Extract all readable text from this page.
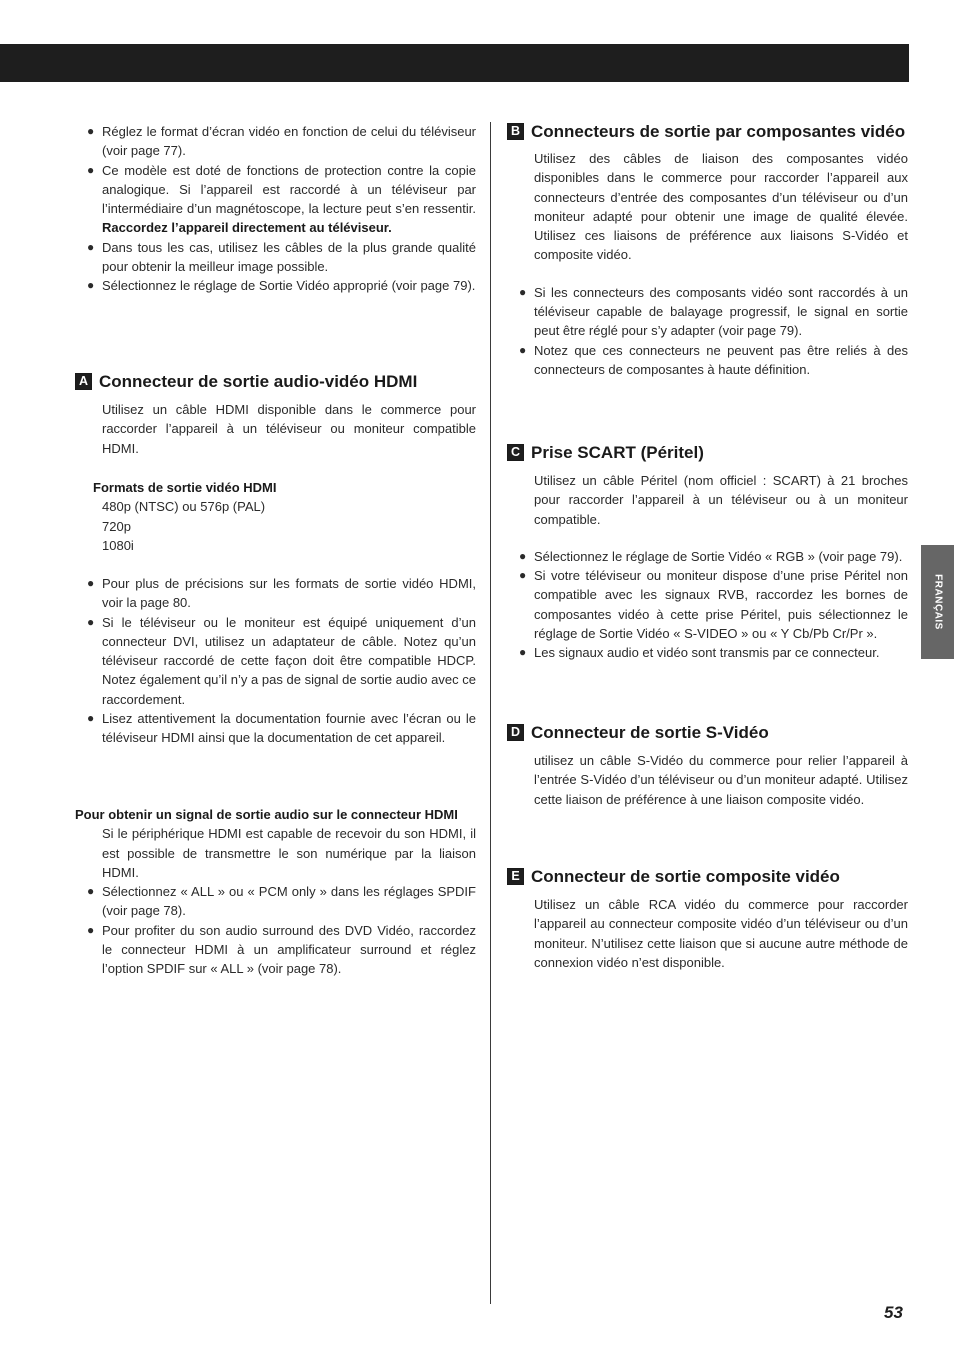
FRANÇAIS
53

● Réglez le format d’écran vidéo en fonction de celui du téléviseur (voir page 77).

● Ce modèle est doté de fonctions de protection contre la copie analogique. Si l’appareil est raccordé à un téléviseur par l’intermédiaire d’un magnétoscope, la lecture peut s’en ressentir. Raccordez l’appareil directement au téléviseur.

● Dans tous les cas, utilisez les câbles de la plus grande qualité pour obtenir la meilleur image possible.

● Sélectionnez le réglage de Sortie Vidéo approprié (voir page 79).

A Connecteur de sortie audio-vidéo HDMI

Utilisez un câble HDMI disponible dans le commerce pour raccorder l’appareil à un téléviseur ou moniteur compatible HDMI.

Formats de sortie vidéo HDMI

480p (NTSC) ou 576p (PAL)

720p

1080i

● Pour plus de précisions sur les formats de sortie vidéo HDMI, voir la page 80.

● Si le téléviseur ou le moniteur est équipé uniquement d’un connecteur DVI, utilisez un adaptateur de câble. Notez qu’un téléviseur raccordé de cette façon doit être compatible HDCP. Notez également qu’il n’y a pas de signal de sortie audio avec ce raccordement.

● Lisez attentivement la documentation fournie avec l’écran ou le téléviseur HDMI ainsi que la documentation de cet appareil.

Pour obtenir un signal de sortie audio sur le connecteur HDMI

Si le périphérique HDMI est capable de recevoir du son HDMI, il est possible de transmettre le son numérique par la liaison HDMI.

● Sélectionnez « ALL » ou « PCM only » dans les réglages SPDIF (voir page 78).

● Pour profiter du son audio surround des DVD Vidéo, raccordez le connecteur HDMI à un amplificateur surround et réglez l’option SPDIF sur « ALL » (voir page 78).

B Connecteurs de sortie par composantes vidéo

Utilisez des câbles de liaison des composantes vidéo disponibles dans le commerce pour raccorder l’appareil aux connecteurs d’entrée des composantes d’un téléviseur ou d’un moniteur adapté pour obtenir une image de qualité élevée. Utilisez ces liaisons de préférence aux liaisons S-Vidéo et composite vidéo.

● Si les connecteurs des composants vidéo sont raccordés à un téléviseur capable de balayage progressif, le signal en sortie peut être réglé pour s’y adapter (voir page 79).

● Notez que ces connecteurs ne peuvent pas être reliés à des connecteurs de composantes à haute définition.

C Prise SCART (Péritel)

Utilisez un câble Péritel (nom officiel : SCART) à 21 broches pour raccorder l’appareil à un téléviseur ou à un moniteur compatible.

● Sélectionnez le réglage de Sortie Vidéo « RGB » (voir page 79).

● Si votre téléviseur ou moniteur dispose d’une prise Péritel non compatible avec les signaux RVB, raccordez les bornes de composantes vidéo à cette prise Péritel, puis sélectionnez le réglage de Sortie Vidéo « S-VIDEO » ou « Y Cb/Pb Cr/Pr ».

● Les signaux audio et vidéo sont transmis par ce connecteur.

D Connecteur de sortie S-Vidéo

utilisez un câble S-Vidéo du commerce pour relier l’appareil à l’entrée S-Vidéo d’un téléviseur ou d’un moniteur adapté. Utilisez cette liaison de préférence à une liaison composite vidéo.

E Connecteur de sortie composite vidéo

Utilisez un câble RCA vidéo du commerce pour raccorder l’appareil au connecteur composite vidéo d’un téléviseur ou d’un moniteur. N’utilisez cette liaison que si aucune autre méthode de connexion vidéo n’est disponible.
